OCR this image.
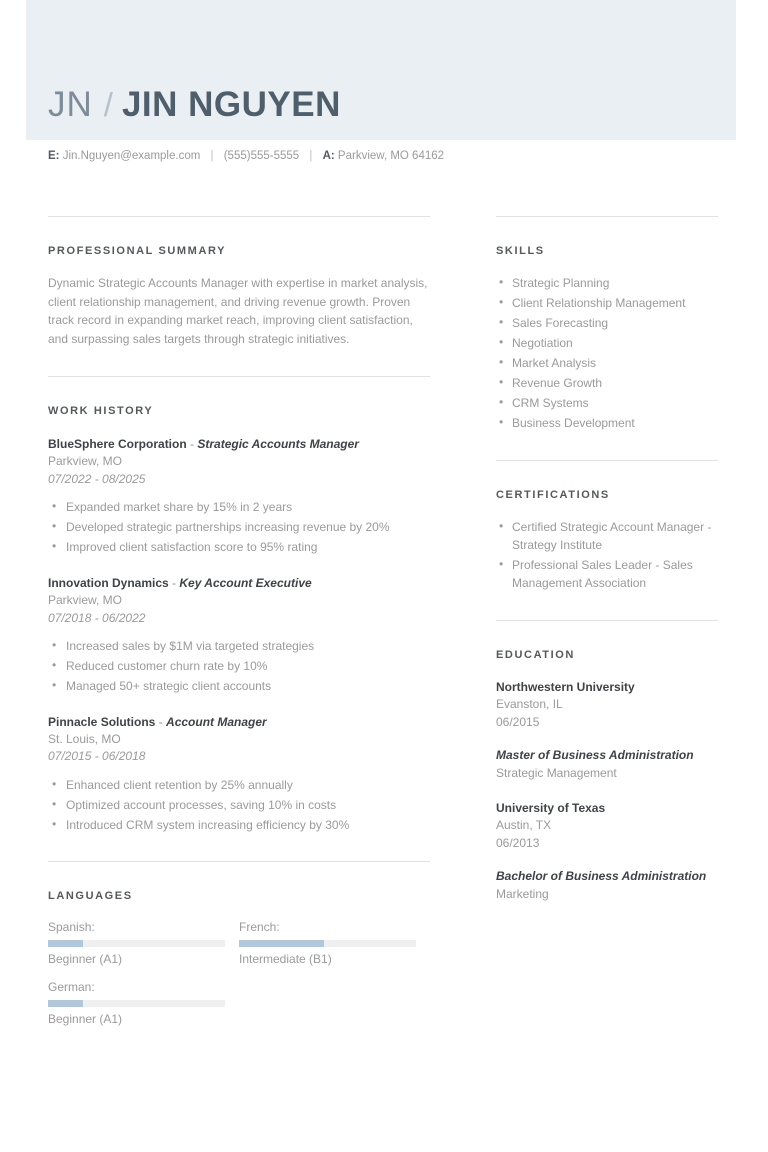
JN / JIN NGUYEN
E: Jin.Nguyen@example.com | (555)555-5555 | A: Parkview, MO 64162
PROFESSIONAL SUMMARY
Dynamic Strategic Accounts Manager with expertise in market analysis, client relationship management, and driving revenue growth. Proven track record in expanding market reach, improving client satisfaction, and surpassing sales targets through strategic initiatives.
WORK HISTORY
BlueSphere Corporation - Strategic Accounts Manager
Parkview, MO
07/2022 - 08/2025
• Expanded market share by 15% in 2 years
• Developed strategic partnerships increasing revenue by 20%
• Improved client satisfaction score to 95% rating
Innovation Dynamics - Key Account Executive
Parkview, MO
07/2018 - 06/2022
• Increased sales by $1M via targeted strategies
• Reduced customer churn rate by 10%
• Managed 50+ strategic client accounts
Pinnacle Solutions - Account Manager
St. Louis, MO
07/2015 - 06/2018
• Enhanced client retention by 25% annually
• Optimized account processes, saving 10% in costs
• Introduced CRM system increasing efficiency by 30%
LANGUAGES
Spanish:
Beginner (A1)
French:
Intermediate (B1)
German:
Beginner (A1)
SKILLS
• Strategic Planning
• Client Relationship Management
• Sales Forecasting
• Negotiation
• Market Analysis
• Revenue Growth
• CRM Systems
• Business Development
CERTIFICATIONS
• Certified Strategic Account Manager - Strategy Institute
• Professional Sales Leader - Sales Management Association
EDUCATION
Northwestern University
Evanston, IL
06/2015
Master of Business Administration
Strategic Management
University of Texas
Austin, TX
06/2013
Bachelor of Business Administration
Marketing
